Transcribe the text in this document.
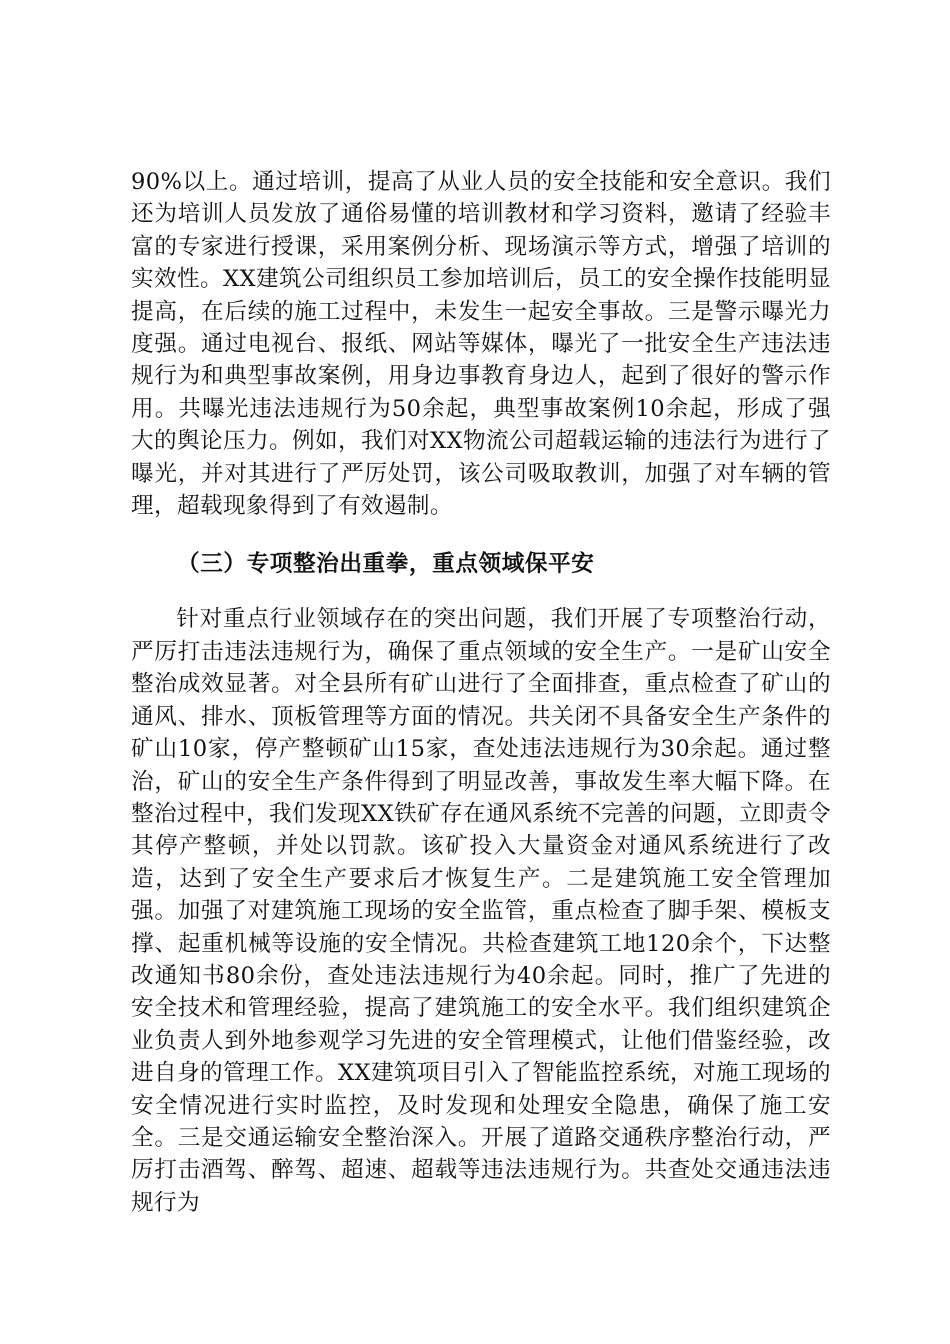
90%以上。通过培训，提高了从业人员的安全技能和安全意识。我们还为培训人员发放了通俗易懂的培训教材和学习资料，邀请了经验丰富的专家进行授课，采用案例分析、现场演示等方式，增强了培训的实效性。XX建筑公司组织员工参加培训后，员工的安全操作技能明显提高，在后续的施工过程中，未发生一起安全事故。三是警示曝光力度强。通过电视台、报纸、网站等媒体，曝光了一批安全生产违法违规行为和典型事故案例，用身边事教育身边人，起到了很好的警示作用。共曝光违法违规行为50余起，典型事故案例10余起，形成了强大的舆论压力。例如，我们对XX物流公司超载运输的违法行为进行了曝光，并对其进行了严厉处罚，该公司吸取教训，加强了对车辆的管理，超载现象得到了有效遏制。

（三）专项整治出重拳，重点领域保平安

针对重点行业领域存在的突出问题，我们开展了专项整治行动，严厉打击违法违规行为，确保了重点领域的安全生产。一是矿山安全整治成效显著。对全县所有矿山进行了全面排查，重点检查了矿山的通风、排水、顶板管理等方面的情况。共关闭不具备安全生产条件的矿山10家，停产整顿矿山15家，查处违法违规行为30余起。通过整治，矿山的安全生产条件得到了明显改善，事故发生率大幅下降。在整治过程中，我们发现XX铁矿存在通风系统不完善的问题，立即责令其停产整顿，并处以罚款。该矿投入大量资金对通风系统进行了改造，达到了安全生产要求后才恢复生产。二是建筑施工安全管理加强。加强了对建筑施工现场的安全监管，重点检查了脚手架、模板支撑、起重机械等设施的安全情况。共检查建筑工地120余个，下达整改通知书80余份，查处违法违规行为40余起。同时，推广了先进的安全技术和管理经验，提高了建筑施工的安全水平。我们组织建筑企业负责人到外地参观学习先进的安全管理模式，让他们借鉴经验，改进自身的管理工作。XX建筑项目引入了智能监控系统，对施工现场的安全情况进行实时监控，及时发现和处理安全隐患，确保了施工安全。三是交通运输安全整治深入。开展了道路交通秩序整治行动，严厉打击酒驾、醉驾、超速、超载等违法违规行为。共查处交通违法违规行为
